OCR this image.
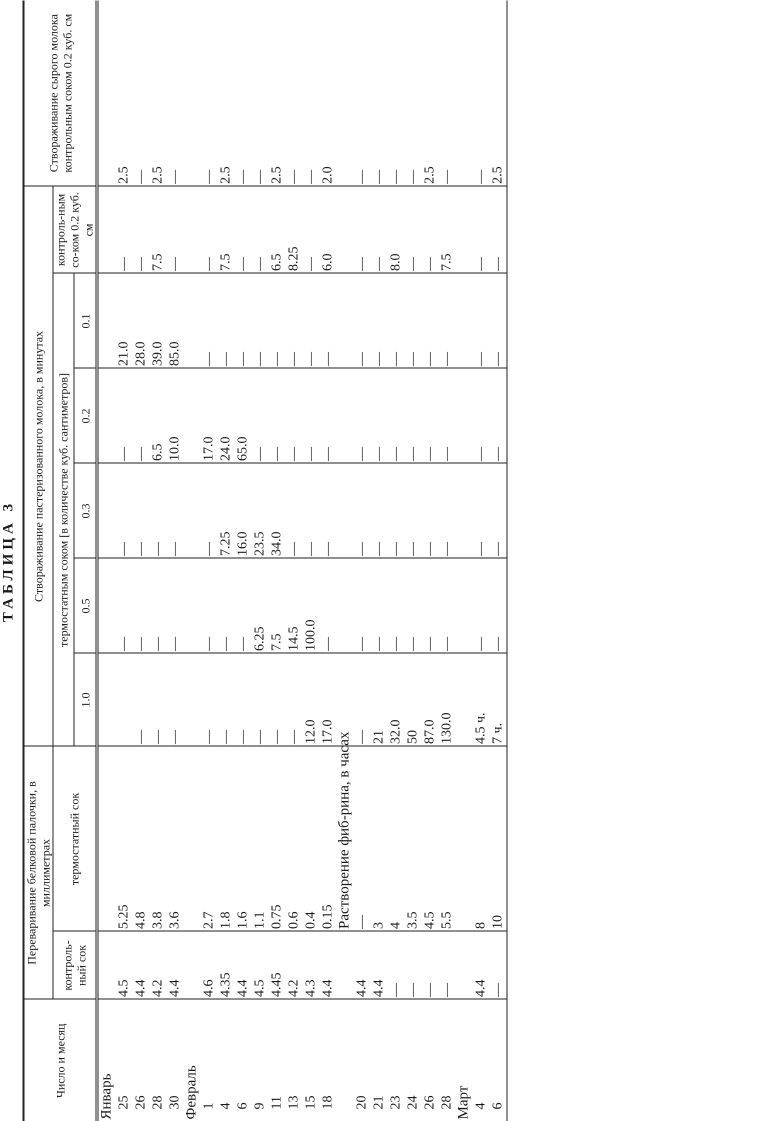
ТАБЛИЦА 3
Число и месяц	Переваривание белковой палочки, в миллиметрах		Створаживание пастеризованного молока, в минутах						Створаживание сырого молока контрольным соком 0.2 куб. см
	контроль-ный сок	термостатный сок	термостатным соком [в количестве куб. сантиметров]					контроль-ным со-ком 0.2 куб. см	
			1.0	0.5	0.3	0.2	0.1		
Январь									
25	4.5	5.25		—	—	—	21.0	—	2.5
26	4.4	4.8	—	—	—	—	28.0	—	—
28	4.2	3.8	—	—	—	6.5	39.0	7.5	2.5
30	4.4	3.6	—	—	—	10.0	85.0	—	—
Февраль									
1	4.6	2.7	—	—	—	17.0	—	—	—
4	4.35	1.8	—	—	7.25	24.0	—	7.5	2.5
6	4.4	1.6	—	—	16.0	65.0	—	—	—
9	4.5	1.1	—	6.25	23.5	—	—	—	—
11	4.45	0.75	—	7.5	34.0	—	—	6.5	2.5
13	4.2	0.6	—	14.5	—	—	—	8.25	—
15	4.3	0.4	12.0	100.0	—	—	—	—	—
18	4.4	0.15	17.0	—	—	—	—	6.0	2.0
		Растворение фиб-рина, в часах							
20	4.4	—	—	—	—	—	—	—	—
21	4.4	3	21	—	—	—	—	—	—
23	—	4	32.0	—	—	—	—	8.0	—
24	—	3.5	50	—	—	—	—	—	—
26	—	4.5	87.0	—	—	—	—	—	2.5
28	—	5.5	130.0	—	—	—	—	7.5	—
Март									
4	4.4	8	4.5 ч.	—	—	—	—	—	—
6	—	10	7 ч.	—	—	—	—	—	2.5
